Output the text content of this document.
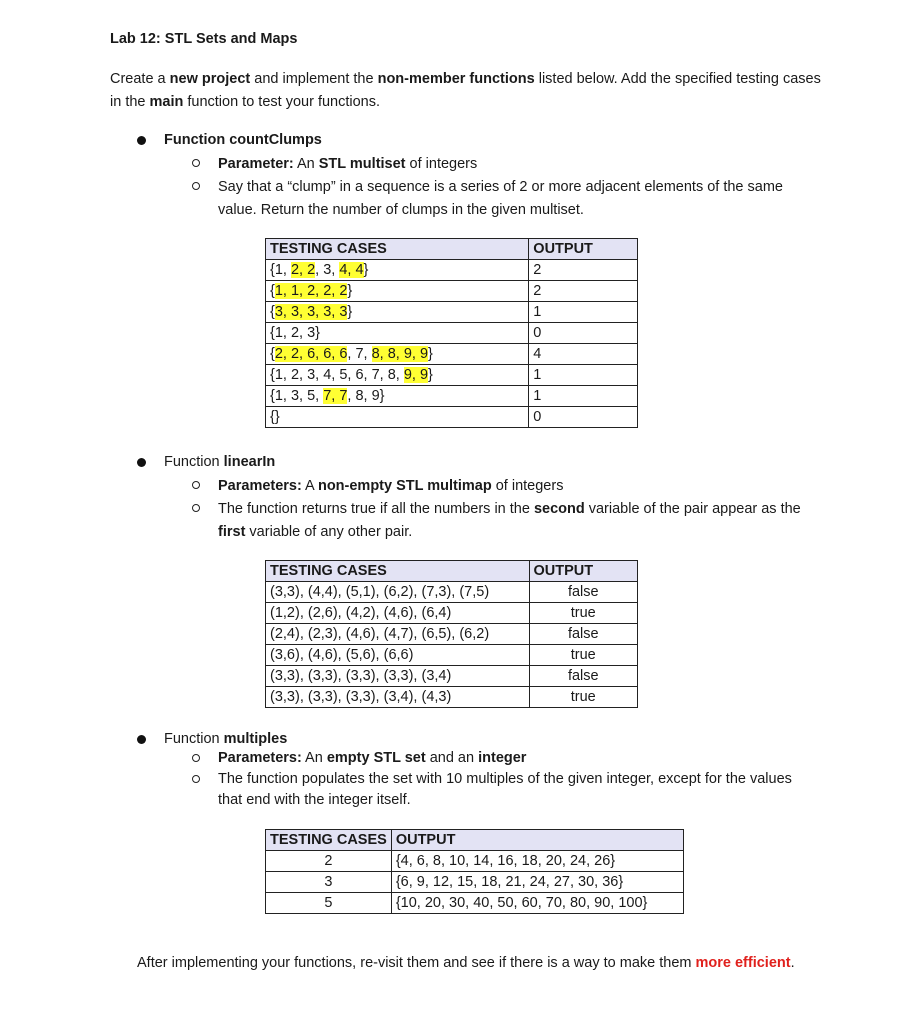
Lab 12: STL Sets and Maps
Create a new project and implement the non-member functions listed below. Add the specified testing cases in the main function to test your functions.
Function countClumps
Parameter: An STL multiset of integers
Say that a “clump” in a sequence is a series of 2 or more adjacent elements of the same value. Return the number of clumps in the given multiset.
TESTING CASES	OUTPUT
{1, 2, 2, 3, 4, 4}	2
{1, 1, 2, 2, 2}	2
{3, 3, 3, 3, 3}	1
{1, 2, 3}	0
{2, 2, 6, 6, 6, 7, 8, 8, 9, 9}	4
{1, 2, 3, 4, 5, 6, 7, 8, 9, 9}	1
{1, 3, 5, 7, 7, 8, 9}	1
{}	0
Function linearIn
Parameters: A non-empty STL multimap of integers
The function returns true if all the numbers in the second variable of the pair appear as the first variable of any other pair.
TESTING CASES	OUTPUT
(3,3), (4,4), (5,1), (6,2), (7,3), (7,5)	false
(1,2), (2,6), (4,2), (4,6), (6,4)	true
(2,4), (2,3), (4,6), (4,7), (6,5), (6,2)	false
(3,6), (4,6), (5,6), (6,6)	true
(3,3), (3,3), (3,3), (3,3), (3,4)	false
(3,3), (3,3), (3,3), (3,4), (4,3)	true
Function multiples
Parameters: An empty STL set and an integer
The function populates the set with 10 multiples of the given integer, except for the values that end with the integer itself.
TESTING CASES	OUTPUT
2	{4, 6, 8, 10, 14, 16, 18, 20, 24, 26}
3	{6, 9, 12, 15, 18, 21, 24, 27, 30, 36}
5	{10, 20, 30, 40, 50, 60, 70, 80, 90, 100}
After implementing your functions, re-visit them and see if there is a way to make them more efficient.
